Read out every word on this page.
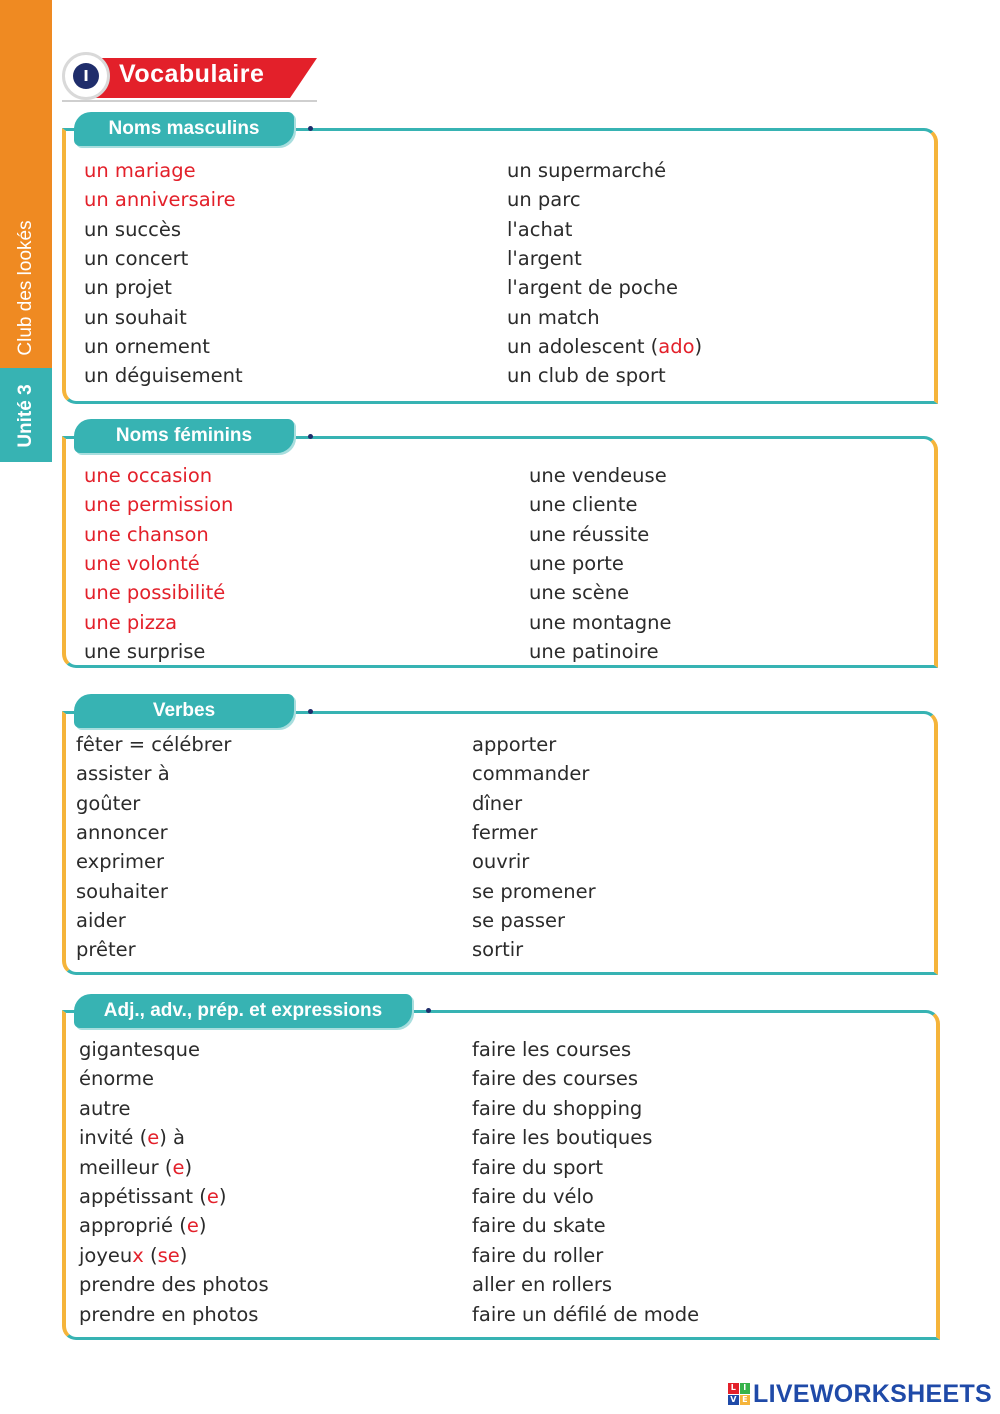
Club des lookés
Unité 3
I	Vocabulaire
Noms masculins
un mariage
un anniversaire
un succès
un concert
un projet
un souhait
un ornement
un déguisement
un supermarché
un parc
l'achat
l'argent
l'argent de poche
un match
un adolescent (ado)
un club de sport
Noms féminins
une occasion
une permission
une chanson
une volonté
une possibilité
une pizza
une surprise
une vendeuse
une cliente
une réussite
une porte
une scène
une montagne
une patinoire
Verbes
fêter = célébrer
assister à
goûter
annoncer
exprimer
souhaiter
aider
prêter
apporter
commander
dîner
fermer
ouvrir
se promener
se passer
sortir
Adj., adv., prép. et expressions
gigantesque
énorme
autre
invité (e) à
meilleur (e)
appétissant (e)
approprié (e)
joyeux (se)
prendre des photos
prendre en photos
faire les courses
faire des courses
faire du shopping
faire les boutiques
faire du sport
faire du vélo
faire du skate
faire du roller
aller en rollers
faire un défilé de mode
L I
V E LIVEWORKSHEETS
